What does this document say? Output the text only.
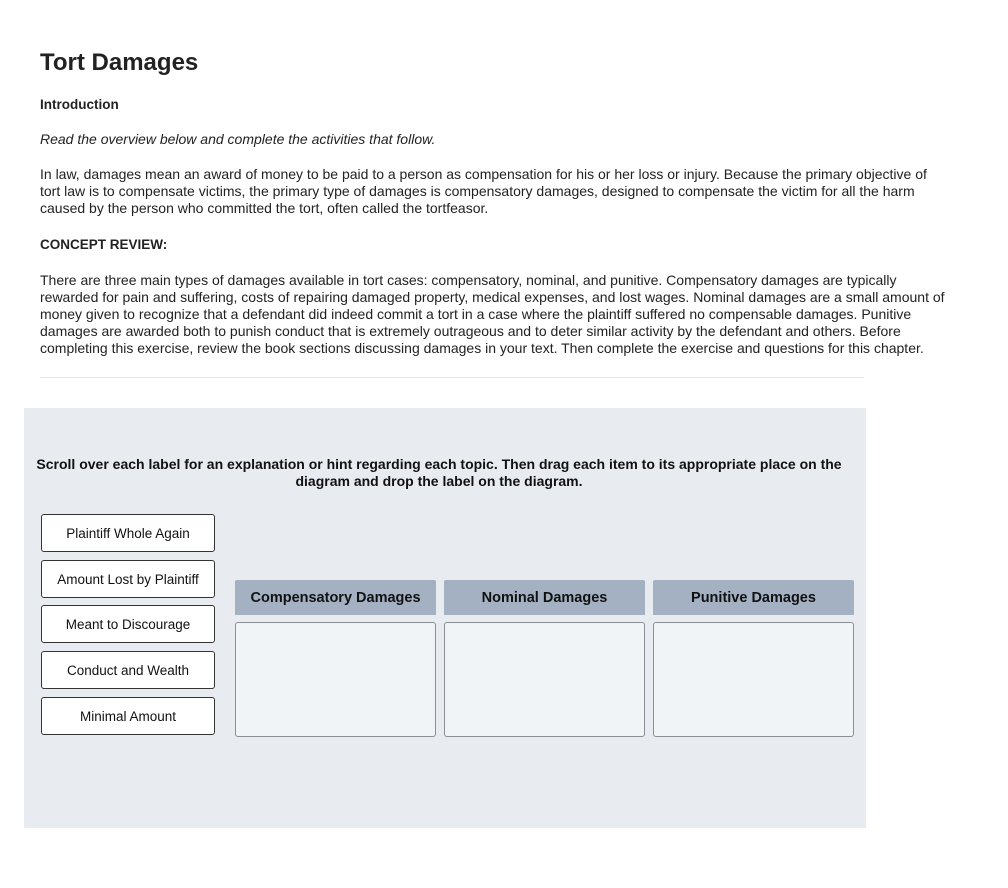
Tort Damages
Introduction

Read the overview below and complete the activities that follow.

In law, damages mean an award of money to be paid to a person as compensation for his or her loss or injury. Because the primary objective of tort law is to compensate victims, the primary type of damages is compensatory damages, designed to compensate the victim for all the harm caused by the person who committed the tort, often called the tortfeasor.

CONCEPT REVIEW:

There are three main types of damages available in tort cases: compensatory, nominal, and punitive. Compensatory damages are typically rewarded for pain and suffering, costs of repairing damaged property, medical expenses, and lost wages. Nominal damages are a small amount of money given to recognize that a defendant did indeed commit a tort in a case where the plaintiff suffered no compensable damages. Punitive damages are awarded both to punish conduct that is extremely outrageous and to deter similar activity by the defendant and others. Before completing this exercise, review the book sections discussing damages in your text. Then complete the exercise and questions for this chapter.

Scroll over each label for an explanation or hint regarding each topic. Then drag each item to its appropriate place on the diagram and drop the label on the diagram.

Plaintiff Whole Again
Amount Lost by Plaintiff
Meant to Discourage
Conduct and Wealth
Minimal Amount
Compensatory Damages	Nominal Damages	Punitive Damages
